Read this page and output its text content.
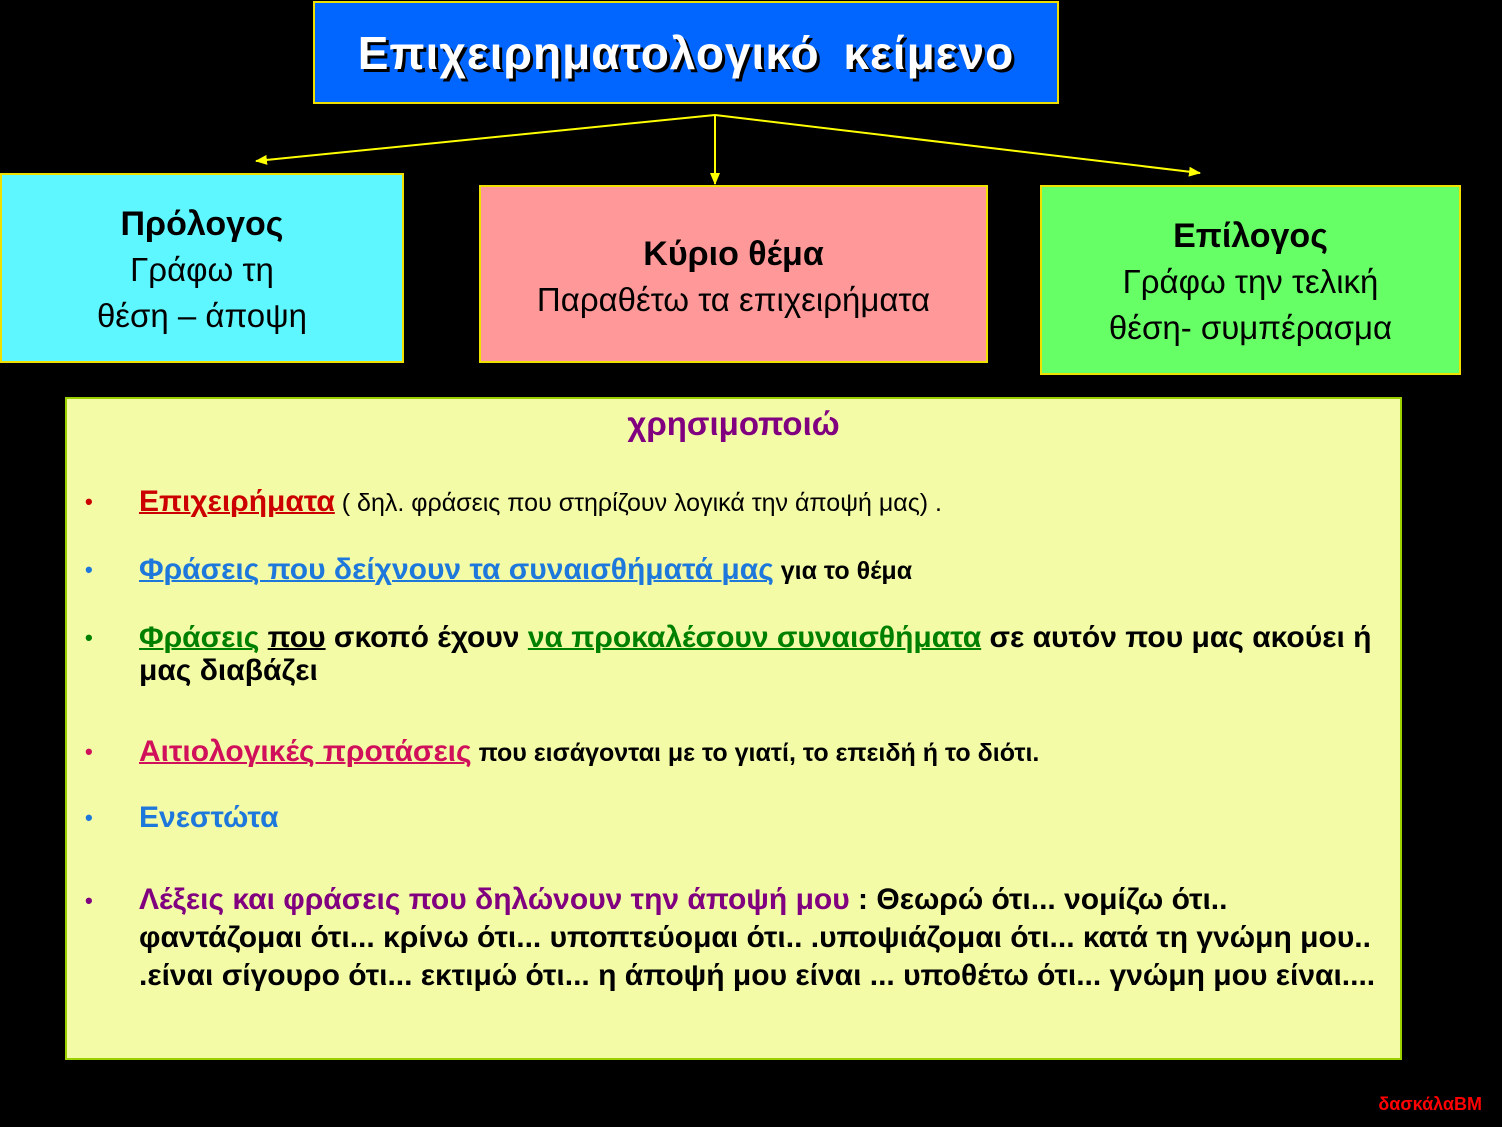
Επιχειρηματολογικό κείμενο
Πρόλογος
Γράφω τη
θέση – άποψη
Κύριο θέμα
Παραθέτω τα επιχειρήματα
Επίλογος
Γράφω την τελική
θέση- συμπέρασμα
χρησιμοποιώ
• Επιχειρήματα ( δηλ. φράσεις που στηρίζουν λογικά την άποψή μας) .
• Φράσεις που δείχνουν τα συναισθήματά μας για το θέμα
• Φράσεις που σκοπό έχουν να προκαλέσουν συναισθήματα σε αυτόν που μας ακούει ή μας διαβάζει
• Αιτιολογικές προτάσεις που εισάγονται με το γιατί, το επειδή ή το διότι.
• Ενεστώτα
• Λέξεις και φράσεις που δηλώνουν την άποψή μου : Θεωρώ ότι... νομίζω ότι.. φαντάζομαι ότι... κρίνω ότι... υποπτεύομαι ότι.. .υποψιάζομαι ότι... κατά τη γνώμη μου.. .είναι σίγουρο ότι... εκτιμώ ότι... η άποψή μου είναι ... υποθέτω ότι... γνώμη μου είναι....
δασκάλαBM
